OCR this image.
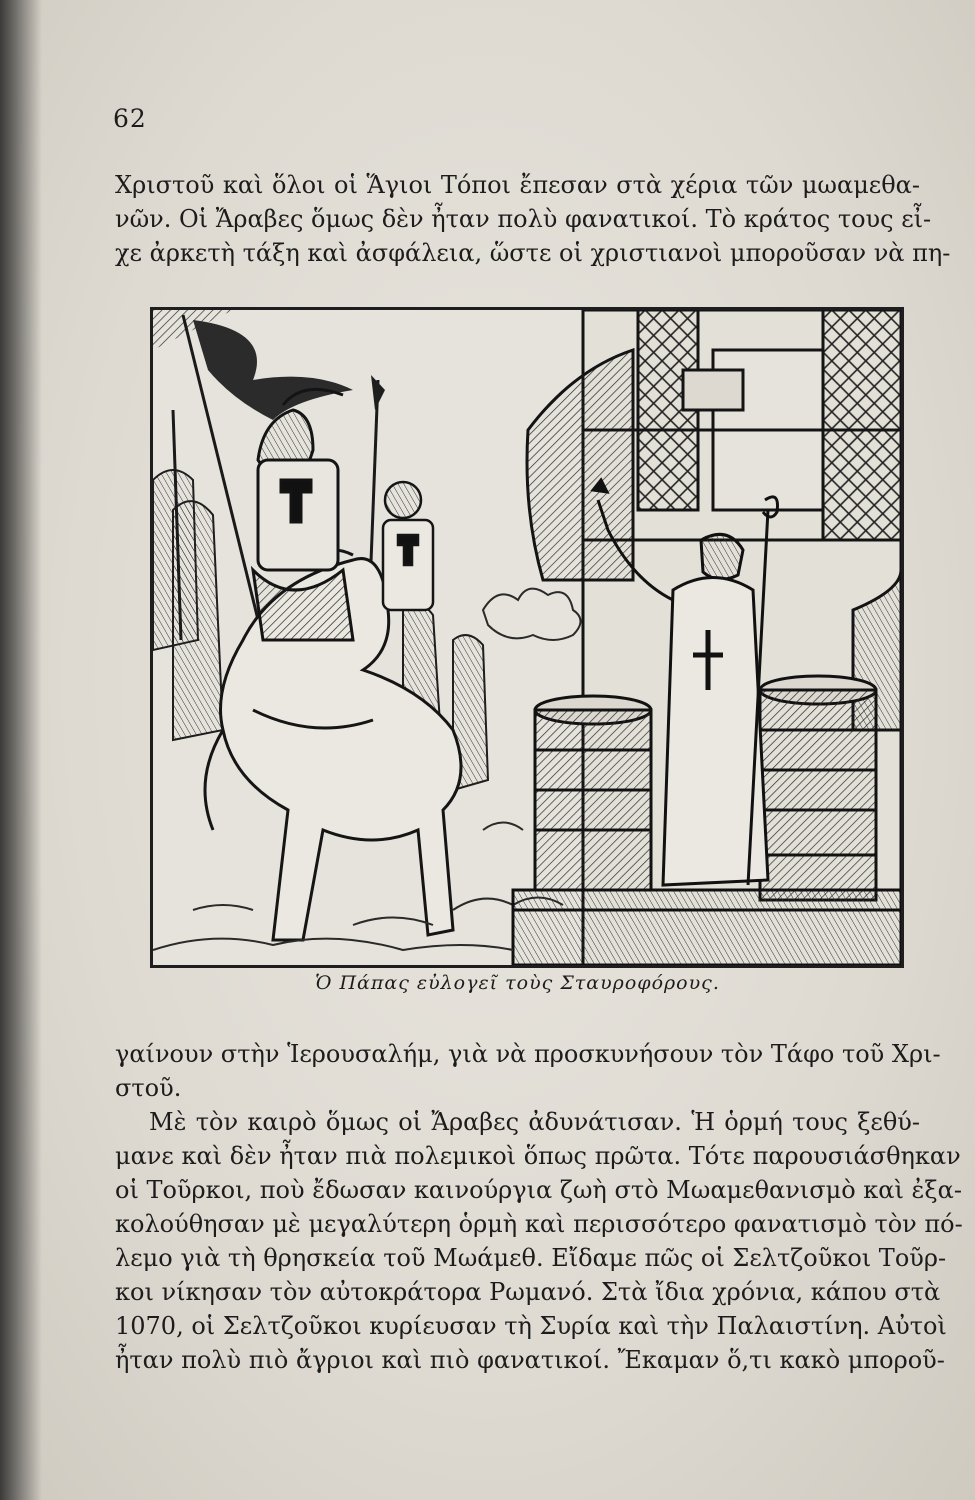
62
Χριστοῦ καὶ ὅλοι οἱ Ἅγιοι Τόποι ἔπεσαν στὰ χέρια τῶν μωαμεθα-
νῶν. Οἱ Ἄραβες ὅμως δὲν ἦταν πολὺ φανατικοί. Τὸ κράτος τους εἶ-
χε ἀρκετὴ τάξη καὶ ἀσφάλεια, ὥστε οἱ χριστιανοὶ μποροῦσαν νὰ πη-
Ὁ Πάπας εὐλογεῖ τοὺς Σταυροφόρους.
γαίνουν στὴν Ἱερουσαλήμ, γιὰ νὰ προσκυνήσουν τὸν Τάφο τοῦ Χρι-
στοῦ.
Μὲ τὸν καιρὸ ὅμως οἱ Ἄραβες ἀδυνάτισαν. Ἡ ὁρμή τους ξεθύ-
μανε καὶ δὲν ἦταν πιὰ πολεμικοὶ ὅπως πρῶτα. Τότε παρουσιάσθηκαν
οἱ Τοῦρκοι, ποὺ ἔδωσαν καινούργια ζωὴ στὸ Μωαμεθανισμὸ καὶ ἐξα-
κολούθησαν μὲ μεγαλύτερη ὁρμὴ καὶ περισσότερο φανατισμὸ τὸν πό-
λεμο γιὰ τὴ θρησκεία τοῦ Μωάμεθ. Εἴδαμε πῶς οἱ Σελτζοῦκοι Τοῦρ-
κοι νίκησαν τὸν αὐτοκράτορα Ρωμανό. Στὰ ἴδια χρόνια, κάπου στὰ
1070, οἱ Σελτζοῦκοι κυρίευσαν τὴ Συρία καὶ τὴν Παλαιστίνη. Αὐτοὶ
ἦταν πολὺ πιὸ ἄγριοι καὶ πιὸ φανατικοί. Ἔκαμαν ὅ,τι κακὸ μποροῦ-
